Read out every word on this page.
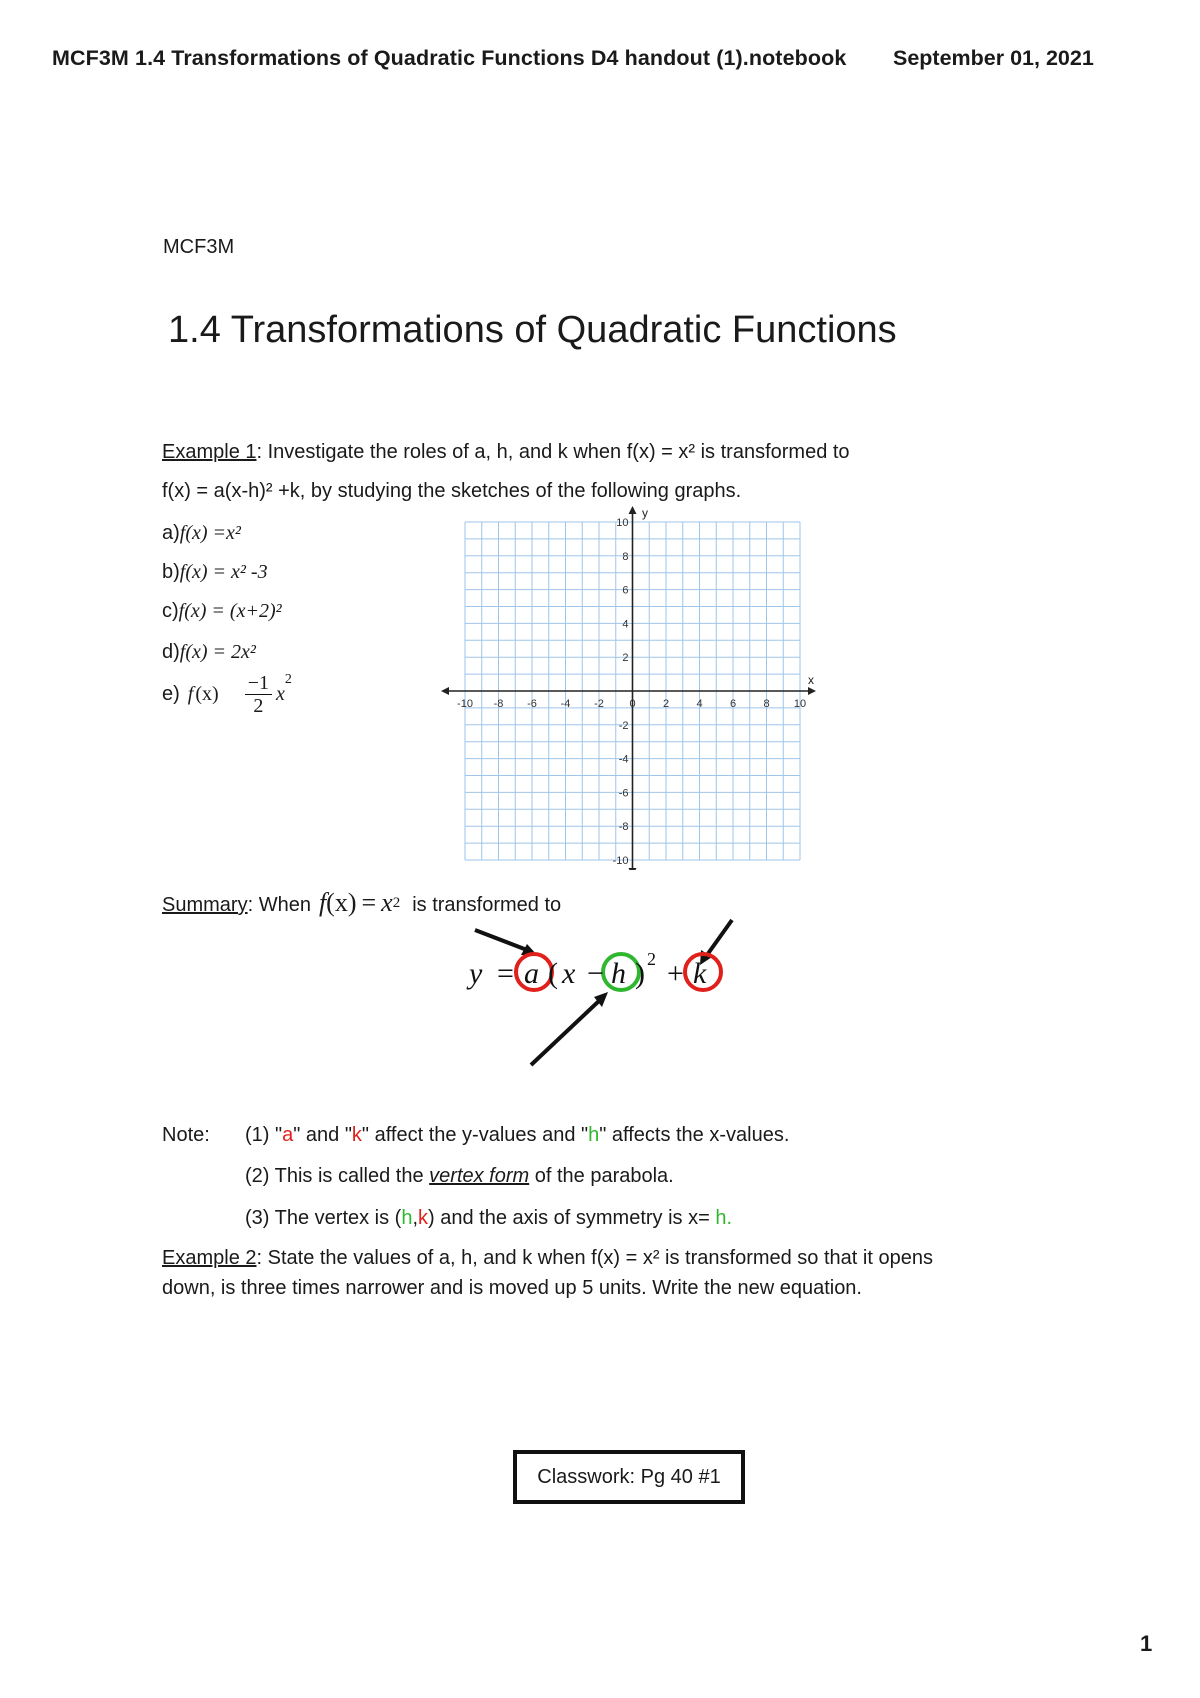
MCF3M 1.4 Transformations of Quadratic Functions D4 handout (1).notebook September 01, 2021
MCF3M
1.4 Transformations of Quadratic Functions
Example 1: Investigate the roles of a, h, and k when f(x) = x² is transformed to
f(x) = a(x-h)² +k, by studying the sketches of the following graphs.
a)f(x) =x²
b)f(x) = x² -3
c)f(x) = (x+2)²
d)f(x) = 2x²
e) f $(x) \frac{-1}{2}$ x
$^2$
-10 -8 -6 -4 -2 0 2 4 6 8 10
10
8
6
4
2
-2
-4
-6
-8
-10
x
y
Summary : When f $(x) = x^2$ is transformed to
y = a ( x − h ) 2 + k
Note: (1) "a" and "k" affect the y-values and "h" affects the x-values.
(2) This is called the vertex form of the parabola.
(3) The vertex is (h,k) and the axis of symmetry is x= h.
Example 2: State the values of a, h, and k when f(x) = x² is transformed so that it opens
down, is three times narrower and is moved up 5 units. Write the new equation.
Classwork: Pg 40 #1
1
